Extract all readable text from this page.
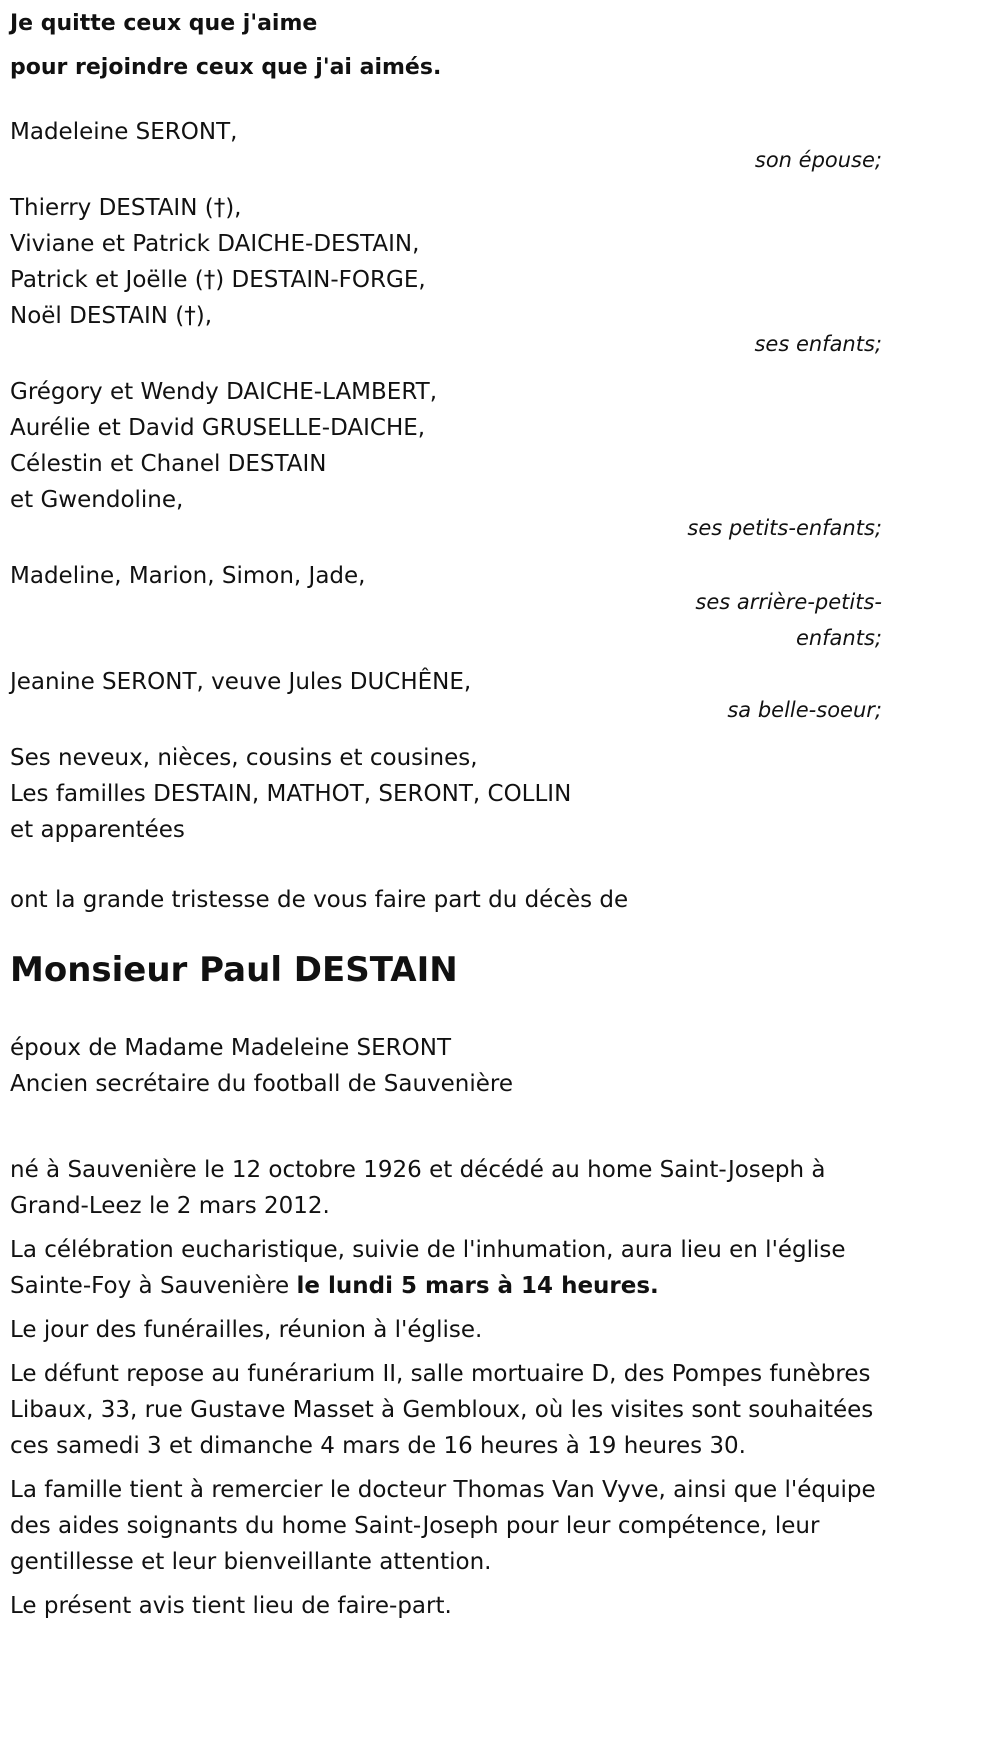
Je quitte ceux que j'aime
pour rejoindre ceux que j'ai aimés.
Madeleine SERONT,
son épouse;
Thierry DESTAIN (†),
Viviane et Patrick DAICHE-DESTAIN,
Patrick et Joëlle (†) DESTAIN-FORGE,
Noël DESTAIN (†),
ses enfants;
Grégory et Wendy DAICHE-LAMBERT,
Aurélie et David GRUSELLE-DAICHE,
Célestin et Chanel DESTAIN
et Gwendoline,
ses petits-enfants;
Madeline, Marion, Simon, Jade,
ses arrière-petits-
enfants;
Jeanine SERONT, veuve Jules DUCHÊNE,
sa belle-soeur;
Ses neveux, nièces, cousins et cousines,
Les familles DESTAIN, MATHOT, SERONT, COLLIN
et apparentées
ont la grande tristesse de vous faire part du décès de
Monsieur Paul DESTAIN
époux de Madame Madeleine SERONT
Ancien secrétaire du football de Sauvenière
né à Sauvenière le 12 octobre 1926 et décédé au home Saint-Joseph à Grand-Leez le 2 mars 2012.
La célébration eucharistique, suivie de l'inhumation, aura lieu en l'église Sainte-Foy à Sauvenière le lundi 5 mars à 14 heures.
Le jour des funérailles, réunion à l'église.
Le défunt repose au funérarium II, salle mortuaire D, des Pompes funèbres Libaux, 33, rue Gustave Masset à Gembloux, où les visites sont souhaitées ces samedi 3 et dimanche 4 mars de 16 heures à 19 heures 30.
La famille tient à remercier le docteur Thomas Van Vyve, ainsi que l'équipe des aides soignants du home Saint-Joseph pour leur compétence, leur gentillesse et leur bienveillante attention.
Le présent avis tient lieu de faire-part.
